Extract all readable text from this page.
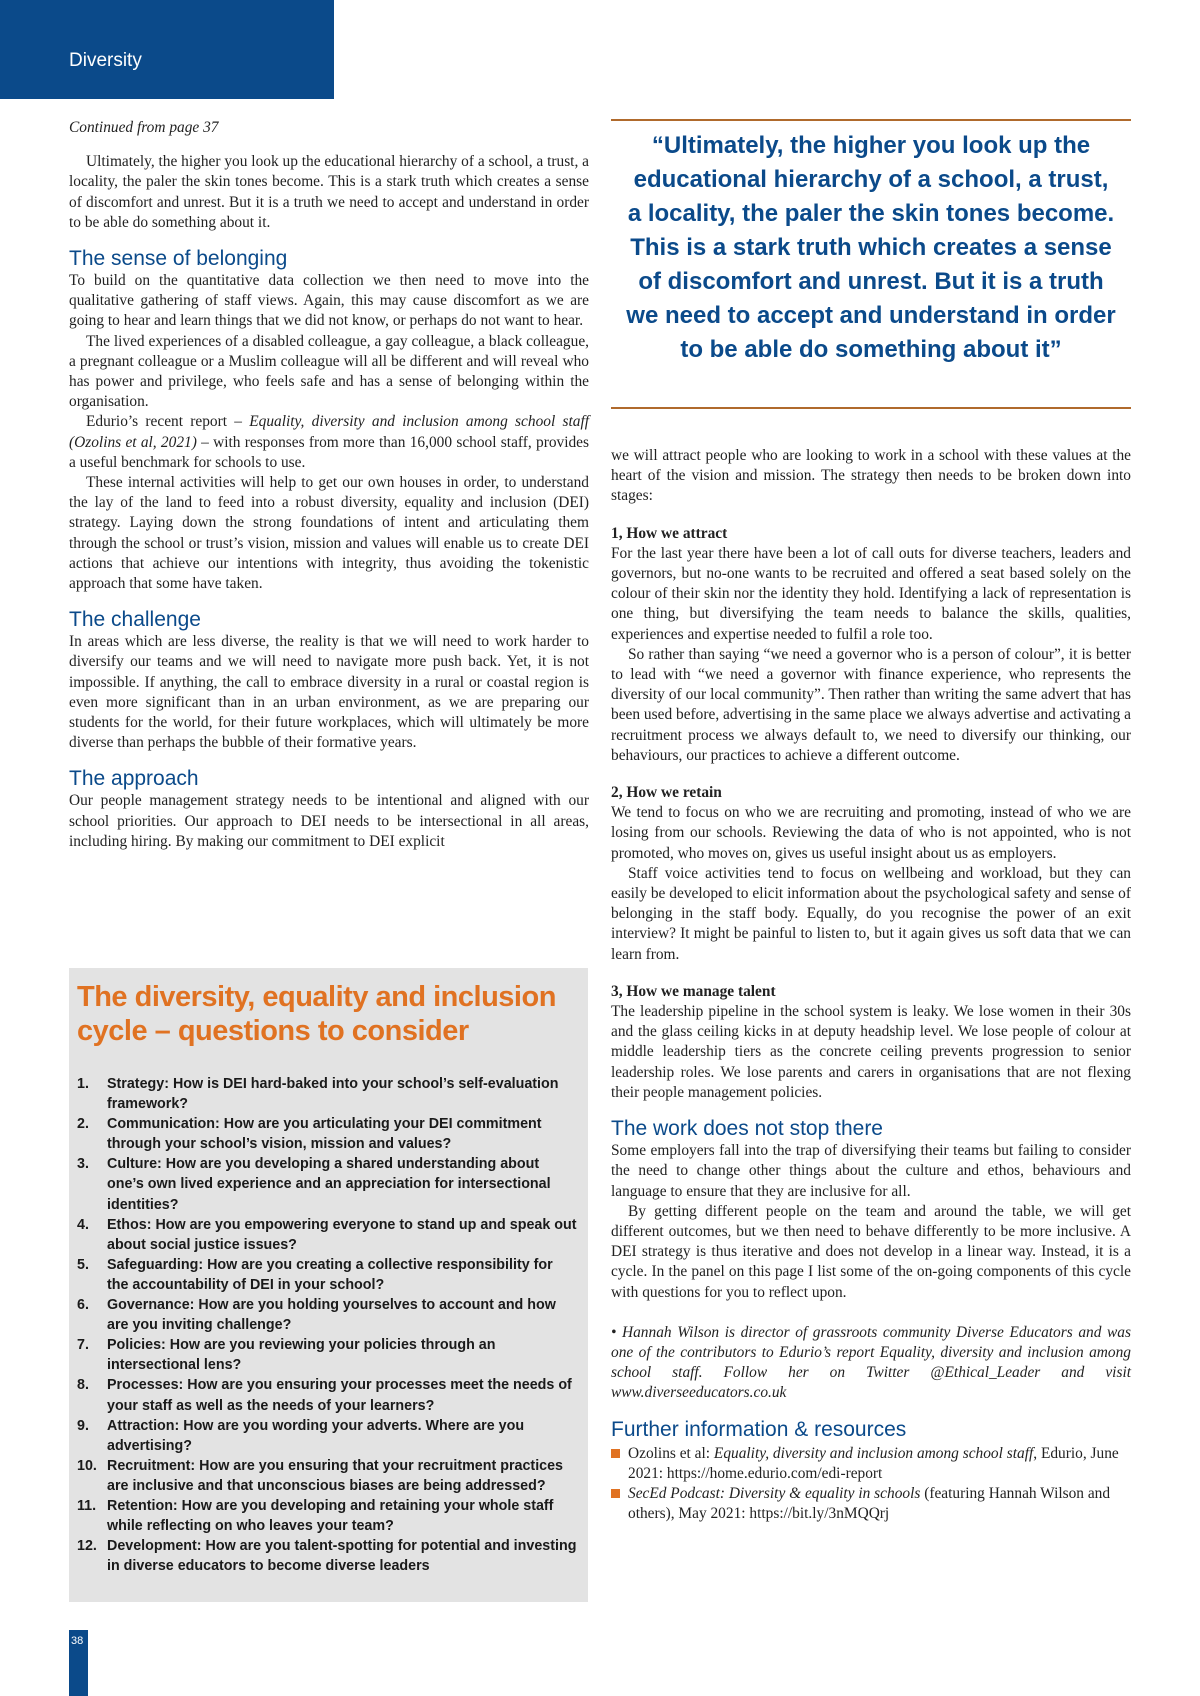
Diversity

Continued from page 37

Ultimately, the higher you look up the educational hierarchy of a school, a trust, a locality, the paler the skin tones become. This is a stark truth which creates a sense of discomfort and unrest. But it is a truth we need to accept and understand in order to be able do something about it.

The sense of belonging

To build on the quantitative data collection we then need to move into the qualitative gathering of staff views. Again, this may cause discomfort as we are going to hear and learn things that we did not know, or perhaps do not want to hear.

The lived experiences of a disabled colleague, a gay colleague, a black colleague, a pregnant colleague or a Muslim colleague will all be different and will reveal who has power and privilege, who feels safe and has a sense of belonging within the organisation.

Edurio’s recent report – Equality, diversity and inclusion among school staff (Ozolins et al, 2021) – with responses from more than 16,000 school staff, provides a useful benchmark for schools to use.

These internal activities will help to get our own houses in order, to understand the lay of the land to feed into a robust diversity, equality and inclusion (DEI) strategy. Laying down the strong foundations of intent and articulating them through the school or trust’s vision, mission and values will enable us to create DEI actions that achieve our intentions with integrity, thus avoiding the tokenistic approach that some have taken.

The challenge

In areas which are less diverse, the reality is that we will need to work harder to diversify our teams and we will need to navigate more push back. Yet, it is not impossible. If anything, the call to embrace diversity in a rural or coastal region is even more significant than in an urban environment, as we are preparing our students for the world, for their future workplaces, which will ultimately be more diverse than perhaps the bubble of their formative years.

The approach

Our people management strategy needs to be intentional and aligned with our school priorities. Our approach to DEI needs to be intersectional in all areas, including hiring. By making our commitment to DEI explicit

“Ultimately, the higher you look up the educational hierarchy of a school, a trust, a locality, the paler the skin tones become. This is a stark truth which creates a sense of discomfort and unrest. But it is a truth we need to accept and understand in order to be able do something about it”
The diversity, equality and inclusion cycle – questions to consider
1. Strategy: How is DEI hard-baked into your school’s self-evaluation framework?
2. Communication: How are you articulating your DEI commitment through your school’s vision, mission and values?
3. Culture: How are you developing a shared understanding about one’s own lived experience and an appreciation for intersectional identities?
4. Ethos: How are you empowering everyone to stand up and speak out about social justice issues?
5. Safeguarding: How are you creating a collective responsibility for the accountability of DEI in your school?
6. Governance: How are you holding yourselves to account and how are you inviting challenge?
7. Policies: How are you reviewing your policies through an intersectional lens?
8. Processes: How are you ensuring your processes meet the needs of your staff as well as the needs of your learners?
9. Attraction: How are you wording your adverts. Where are you advertising?
10. Recruitment: How are you ensuring that your recruitment practices are inclusive and that unconscious biases are being addressed?
11. Retention: How are you developing and retaining your whole staff while reflecting on who leaves your team?
12. Development: How are you talent-spotting for potential and investing in diverse educators to become diverse leaders

we will attract people who are looking to work in a school with these values at the heart of the vision and mission. The strategy then needs to be broken down into stages:

1, How we attract

For the last year there have been a lot of call outs for diverse teachers, leaders and governors, but no-one wants to be recruited and offered a seat based solely on the colour of their skin nor the identity they hold. Identifying a lack of representation is one thing, but diversifying the team needs to balance the skills, qualities, experiences and expertise needed to fulfil a role too.

So rather than saying “we need a governor who is a person of colour”, it is better to lead with “we need a governor with finance experience, who represents the diversity of our local community”. Then rather than writing the same advert that has been used before, advertising in the same place we always advertise and activating a recruitment process we always default to, we need to diversify our thinking, our behaviours, our practices to achieve a different outcome.

2, How we retain

We tend to focus on who we are recruiting and promoting, instead of who we are losing from our schools. Reviewing the data of who is not appointed, who is not promoted, who moves on, gives us useful insight about us as employers.

Staff voice activities tend to focus on wellbeing and workload, but they can easily be developed to elicit information about the psychological safety and sense of belonging in the staff body. Equally, do you recognise the power of an exit interview? It might be painful to listen to, but it again gives us soft data that we can learn from.

3, How we manage talent

The leadership pipeline in the school system is leaky. We lose women in their 30s and the glass ceiling kicks in at deputy headship level. We lose people of colour at middle leadership tiers as the concrete ceiling prevents progression to senior leadership roles. We lose parents and carers in organisations that are not flexing their people management policies.

The work does not stop there

Some employers fall into the trap of diversifying their teams but failing to consider the need to change other things about the culture and ethos, behaviours and language to ensure that they are inclusive for all.

By getting different people on the team and around the table, we will get different outcomes, but we then need to behave differently to be more inclusive. A DEI strategy is thus iterative and does not develop in a linear way. Instead, it is a cycle. In the panel on this page I list some of the on-going components of this cycle with questions for you to reflect upon.

• Hannah Wilson is director of grassroots community Diverse Educators and was one of the contributors to Edurio’s report Equality, diversity and inclusion among school staff. Follow her on Twitter @Ethical_Leader and visit www.diverseeducators.co.uk

Further information & resources
Ozolins et al: Equality, diversity and inclusion among school staff, Edurio, June 2021: https://home.edurio.com/edi-report
SecEd Podcast: Diversity & equality in schools (featuring Hannah Wilson and others), May 2021: https://bit.ly/3nMQQrj
38
